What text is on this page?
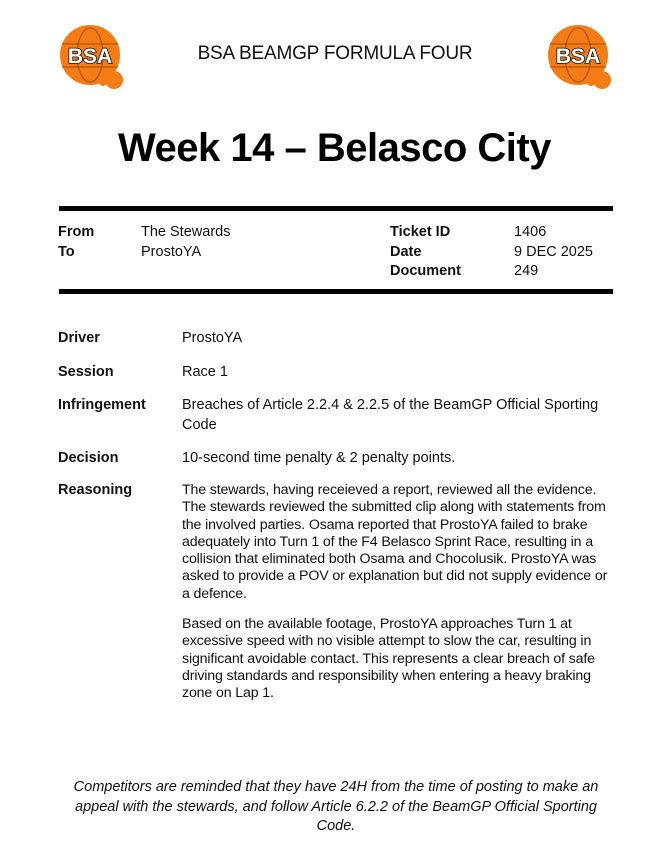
BSA	BSA BEAMGP FORMULA FOUR	BSA
Week 14 – Belasco City
From	The Stewards
To	ProstoYA
Ticket ID	1406
Date	9 DEC 2025
Document	249
Driver	ProstoYA
Session	Race 1
Infringement Breaches of Article 2.2.4 & 2.2.5 of the BeamGP Official Sporting Code
Decision	10-second time penalty & 2 penalty points.
Reasoning	The stewards, having receieved a report, reviewed all the evidence. The stewards reviewed the submitted clip along with statements from the involved parties. Osama reported that ProstoYA failed to brake adequately into Turn 1 of the F4 Belasco Sprint Race, resulting in a collision that eliminated both Osama and Chocolusik. ProstoYA was asked to provide a POV or explanation but did not supply evidence or a defence.

Based on the available footage, ProstoYA approaches Turn 1 at excessive speed with no visible attempt to slow the car, resulting in significant avoidable contact. This represents a clear breach of safe driving standards and responsibility when entering a heavy braking zone on Lap 1.

Competitors are reminded that they have 24H from the time of posting to make an appeal with the stewards, and follow Article 6.2.2 of the BeamGP Official Sporting Code.
